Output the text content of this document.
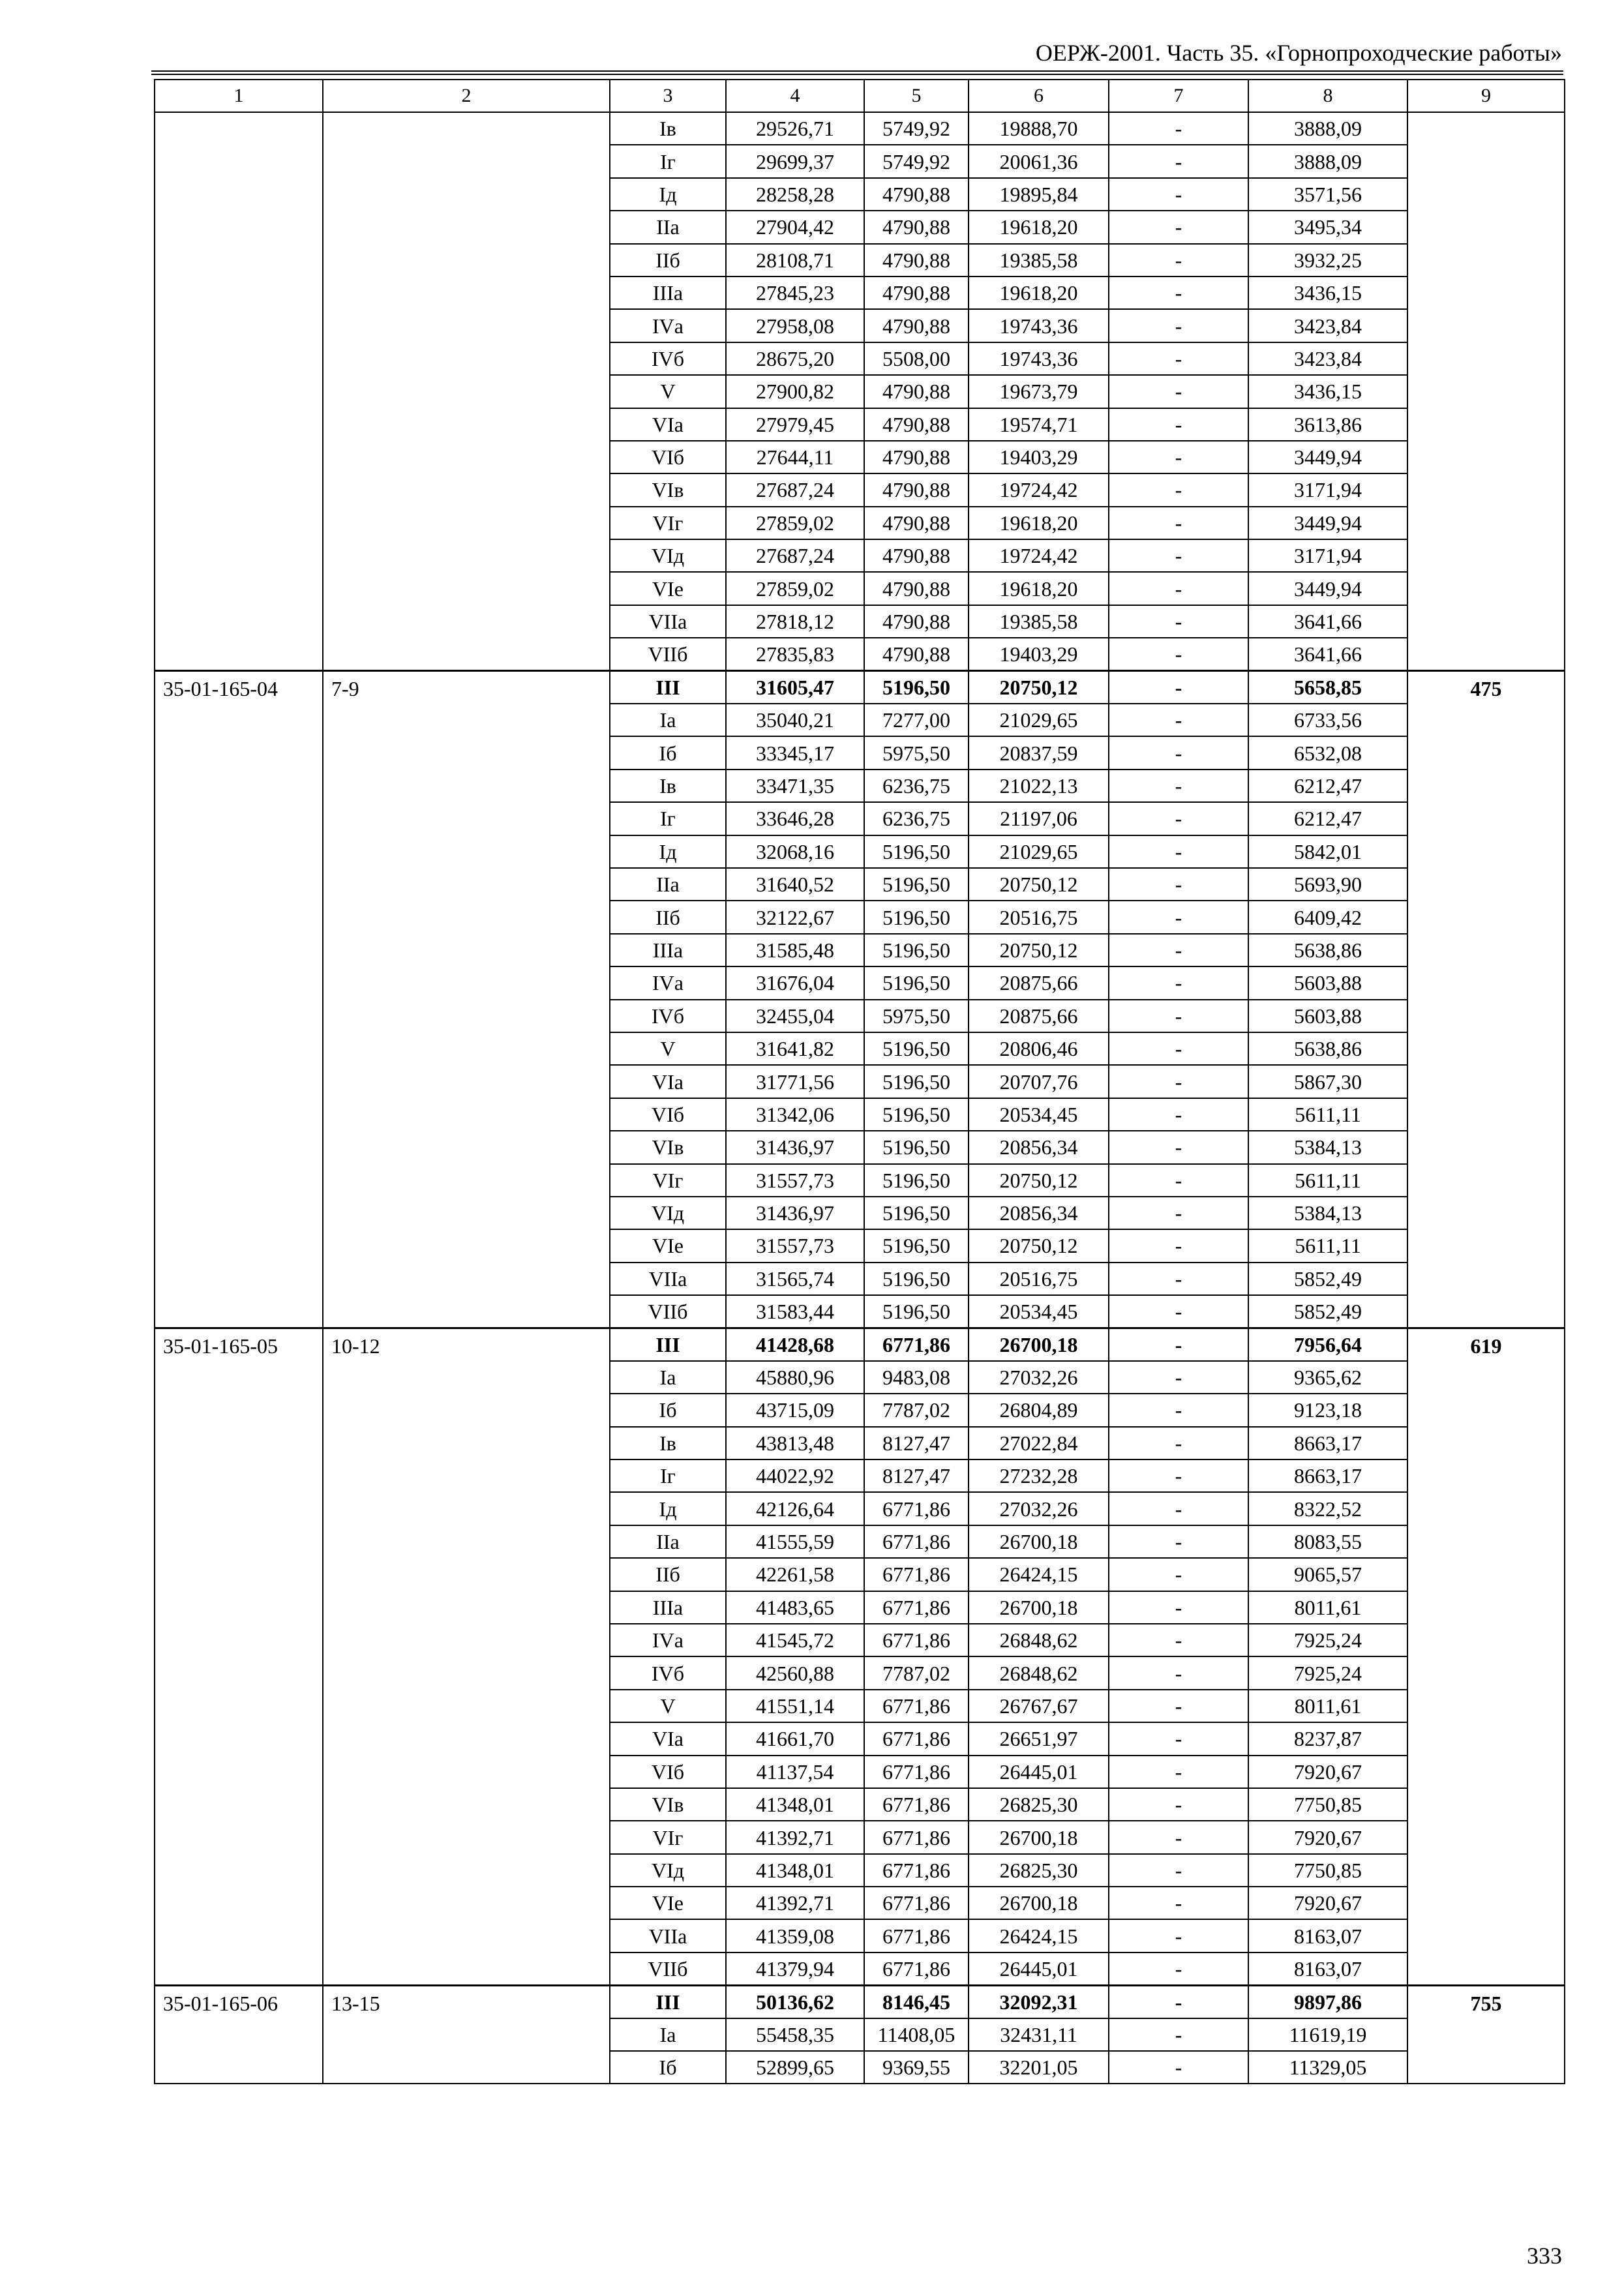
ОЕРЖ-2001. Часть 35. «Горнопроходческие работы»
1	2	3	4	5	6	7	8	9
		Iв	29526,71	5749,92	19888,70	-	3888,09	
		Iг	29699,37	5749,92	20061,36	-	3888,09	
		Iд	28258,28	4790,88	19895,84	-	3571,56	
		IIа	27904,42	4790,88	19618,20	-	3495,34	
		IIб	28108,71	4790,88	19385,58	-	3932,25	
		IIIа	27845,23	4790,88	19618,20	-	3436,15	
		IVа	27958,08	4790,88	19743,36	-	3423,84	
		IVб	28675,20	5508,00	19743,36	-	3423,84	
		V	27900,82	4790,88	19673,79	-	3436,15	
		VIа	27979,45	4790,88	19574,71	-	3613,86	
		VIб	27644,11	4790,88	19403,29	-	3449,94	
		VIв	27687,24	4790,88	19724,42	-	3171,94	
		VIг	27859,02	4790,88	19618,20	-	3449,94	
		VIд	27687,24	4790,88	19724,42	-	3171,94	
		VIе	27859,02	4790,88	19618,20	-	3449,94	
		VIIа	27818,12	4790,88	19385,58	-	3641,66	
		VIIб	27835,83	4790,88	19403,29	-	3641,66	
35-01-165-04	7-9	III	31605,47	5196,50	20750,12	-	5658,85	475
		Iа	35040,21	7277,00	21029,65	-	6733,56	
		Iб	33345,17	5975,50	20837,59	-	6532,08	
		Iв	33471,35	6236,75	21022,13	-	6212,47	
		Iг	33646,28	6236,75	21197,06	-	6212,47	
		Iд	32068,16	5196,50	21029,65	-	5842,01	
		IIа	31640,52	5196,50	20750,12	-	5693,90	
		IIб	32122,67	5196,50	20516,75	-	6409,42	
		IIIа	31585,48	5196,50	20750,12	-	5638,86	
		IVа	31676,04	5196,50	20875,66	-	5603,88	
		IVб	32455,04	5975,50	20875,66	-	5603,88	
		V	31641,82	5196,50	20806,46	-	5638,86	
		VIа	31771,56	5196,50	20707,76	-	5867,30	
		VIб	31342,06	5196,50	20534,45	-	5611,11	
		VIв	31436,97	5196,50	20856,34	-	5384,13	
		VIг	31557,73	5196,50	20750,12	-	5611,11	
		VIд	31436,97	5196,50	20856,34	-	5384,13	
		VIе	31557,73	5196,50	20750,12	-	5611,11	
		VIIа	31565,74	5196,50	20516,75	-	5852,49	
		VIIб	31583,44	5196,50	20534,45	-	5852,49	
35-01-165-05	10-12	III	41428,68	6771,86	26700,18	-	7956,64	619
		Iа	45880,96	9483,08	27032,26	-	9365,62	
		Iб	43715,09	7787,02	26804,89	-	9123,18	
		Iв	43813,48	8127,47	27022,84	-	8663,17	
		Iг	44022,92	8127,47	27232,28	-	8663,17	
		Iд	42126,64	6771,86	27032,26	-	8322,52	
		IIа	41555,59	6771,86	26700,18	-	8083,55	
		IIб	42261,58	6771,86	26424,15	-	9065,57	
		IIIа	41483,65	6771,86	26700,18	-	8011,61	
		IVа	41545,72	6771,86	26848,62	-	7925,24	
		IVб	42560,88	7787,02	26848,62	-	7925,24	
		V	41551,14	6771,86	26767,67	-	8011,61	
		VIа	41661,70	6771,86	26651,97	-	8237,87	
		VIб	41137,54	6771,86	26445,01	-	7920,67	
		VIв	41348,01	6771,86	26825,30	-	7750,85	
		VIг	41392,71	6771,86	26700,18	-	7920,67	
		VIд	41348,01	6771,86	26825,30	-	7750,85	
		VIе	41392,71	6771,86	26700,18	-	7920,67	
		VIIа	41359,08	6771,86	26424,15	-	8163,07	
		VIIб	41379,94	6771,86	26445,01	-	8163,07	
35-01-165-06	13-15	III	50136,62	8146,45	32092,31	-	9897,86	755
		Iа	55458,35	11408,05	32431,11	-	11619,19	
		Iб	52899,65	9369,55	32201,05	-	11329,05	
333
